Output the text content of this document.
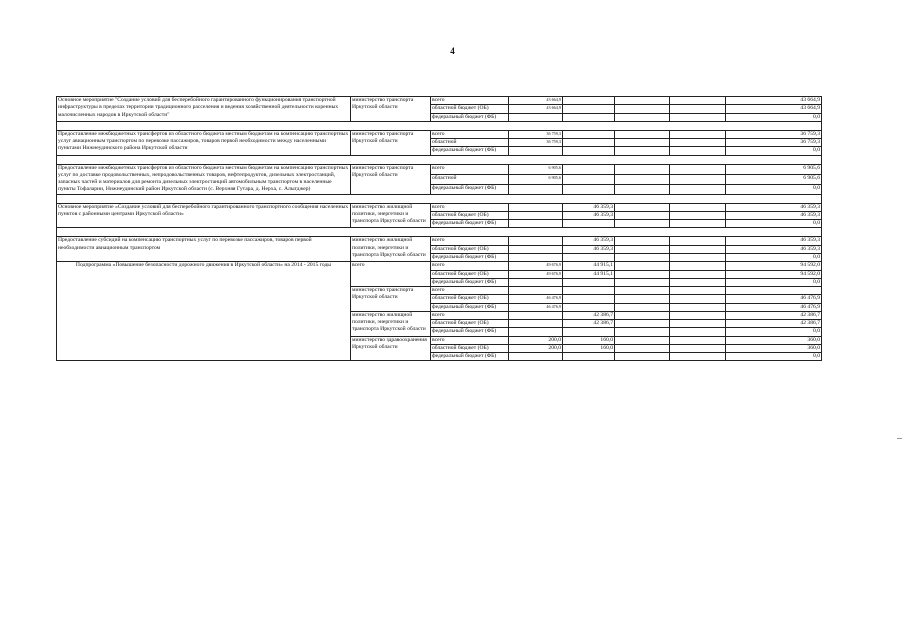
4
Основное мероприятие "Создание условий для бесперебойного гарантированного функционирования транспортной инфраструктуры в пределах территории традиционного расселения и ведения хозяйственной деятельности коренных малочисленных народов в Иркутской области"	министерство транспорта Иркутской области	всего	43 664,9				43 664,9
		областной бюджет (ОБ)	43 664,9				43 664,9
		федеральный бюджет (ФБ)					0,0

Предоставление межбюджетных трансфертов из областного бюджета местным бюджетам на компенсацию транспортных услуг авиационным транспортом по перевозке пассажиров, товаров первой необходимости между населенными пунктами Нижнеудинского района Иркутской области	министерство транспорта Иркутской области	всего	36 759,3				36 759,3
		областной	36 759,3				36 759,3
		федеральный бюджет (ФБ)					0,0

Предоставление межбюджетных трансфертов из областного бюджета местным бюджетам на компенсацию транспортных услуг по доставке продовольственных, непродовольственных товаров, нефтепродуктов, дизельных электростанций, запасных частей и материалов для ремонта дизельных электростанций автомобильным транспортом в населенные пункты Тофаларии, Нижнеудинский район Иркутской области (с. Верхняя Гутара, д. Нерха, с. Алыгджер)	министерство транспорта Иркутской области	всего	6 905,6				6 905,6
		областной	6 905,6				6 905,6
		федеральный бюджет (ФБ)					0,0

Основное мероприятие «Создание условий для бесперебойного гарантированного транспортного сообщения населенных пунктов с районными центрами Иркутской области»	министерство жилищной политики, энергетики и транспорта Иркутской области	всего		46 359,3			46 359,3
		областной бюджет (ОБ)		46 359,3			46 359,3
		федеральный бюджет (ФБ)					0,0

Предоставление субсидий на компенсацию транспортных услуг по перевозке пассажиров, товаров первой необходимости авиационным транспортом	министерство жилищной политики, энергетики и транспорта Иркутской области	всего		46 359,3			46 359,3
		областной бюджет (ОБ)		46 359,3			46 359,3
		федеральный бюджет (ФБ)					0,0
Подпрограмма «Повышение безопасности дорожного движения в Иркутской области» на 2014 - 2015 годы	всего	всего	49 676,9	44 915,1			94 592,0
		областной бюджет (ОБ)	49 676,9	44 915,1			94 592,0
		федеральный бюджет (ФБ)					0,0
	министерство транспорта Иркутской области	всего					
		областной бюджет (ОБ)	46 476,9				46 476,9
		федеральный бюджет (ФБ)	46 476,9				46 476,9
	министерство жилищной политики, энергетики и транспорта Иркутской области	всего		42 386,7			42 386,7
		областной бюджет (ОБ)		42 386,7			42 386,7
		федеральный бюджет (ФБ)					0,0
	министерство здравоохранения Иркутской области	всего	200,0	160,0			360,0
		областной бюджет (ОБ)	200,0	160,0			360,0
		федеральный бюджет (ФБ)					0,0
